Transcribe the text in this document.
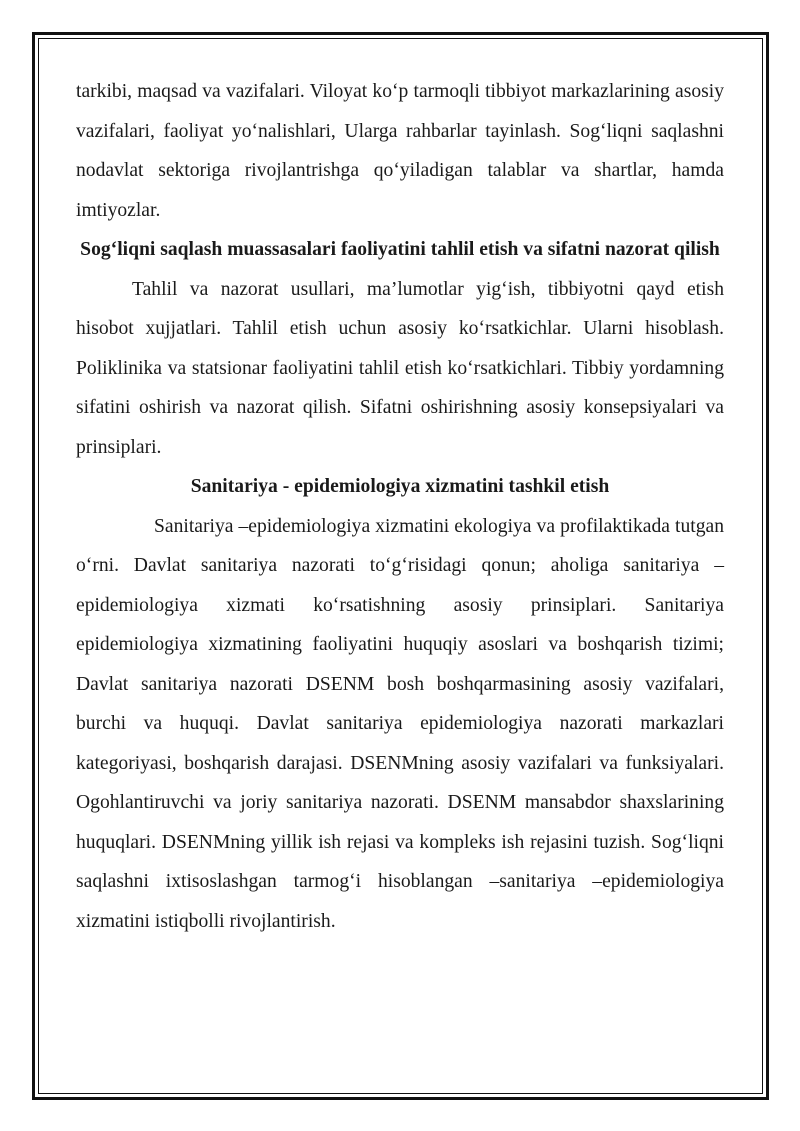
tarkibi, maqsad va vazifalari. Viloyat ko‘p tarmoqli tibbiyot markazlarining asosiy vazifalari, faoliyat yo‘nalishlari, Ularga rahbarlar tayinlash. Sog‘liqni saqlashni nodavlat sektoriga rivojlantrishga qo‘yiladigan talablar va shartlar, hamda imtiyozlar.

Sog‘liqni saqlash muassasalari faoliyatini tahlil etish va sifatni nazorat qilish

Tahlil va nazorat usullari, ma’lumotlar yig‘ish, tibbiyotni qayd etish hisobot xujjatlari. Tahlil etish uchun asosiy ko‘rsatkichlar. Ularni hisoblash. Poliklinika va statsionar faoliyatini tahlil etish ko‘rsatkichlari. Tibbiy yordamning sifatini oshirish va nazorat qilish. Sifatni oshirishning asosiy konsepsiyalari va prinsiplari.

Sanitariya - epidemiologiya xizmatini tashkil etish

Sanitariya –epidemiologiya xizmatini ekologiya va profilaktikada tutgan o‘rni. Davlat sanitariya nazorati to‘g‘risidagi qonun; aholiga sanitariya –epidemiologiya xizmati ko‘rsatishning asosiy prinsiplari. Sanitariya epidemiologiya xizmatining faoliyatini huquqiy asoslari va boshqarish tizimi; Davlat sanitariya nazorati DSENM bosh boshqarmasining asosiy vazifalari, burchi va huquqi. Davlat sanitariya epidemiologiya nazorati markazlari kategoriyasi, boshqarish darajasi. DSENMning asosiy vazifalari va funksiyalari. Ogohlantiruvchi va joriy sanitariya nazorati. DSENM mansabdor shaxslarining huquqlari. DSENMning yillik ish rejasi va kompleks ish rejasini tuzish. Sog‘liqni saqlashni ixtisoslashgan tarmog‘i hisoblangan –sanitariya –epidemiologiya xizmatini istiqbolli rivojlantirish.
